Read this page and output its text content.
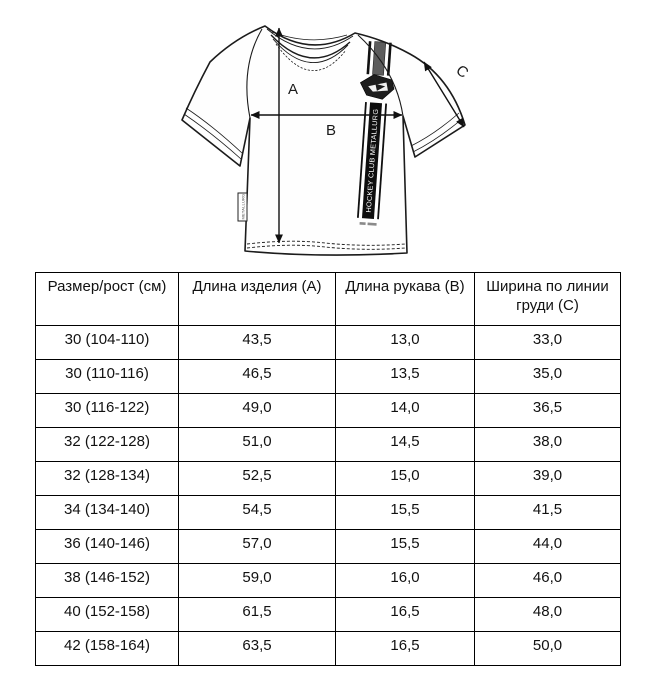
HOCKEY CLUB METALLURG
METALLURG
A
B
C
Размер/рост (см)	Длина изделия (А)	Длина рукава (В)	Ширина по линии груди (С)
30 (104-110)	43,5	13,0	33,0
30 (110-116)	46,5	13,5	35,0
30 (116-122)	49,0	14,0	36,5
32 (122-128)	51,0	14,5	38,0
32 (128-134)	52,5	15,0	39,0
34 (134-140)	54,5	15,5	41,5
36 (140-146)	57,0	15,5	44,0
38 (146-152)	59,0	16,0	46,0
40 (152-158)	61,5	16,5	48,0
42 (158-164)	63,5	16,5	50,0
